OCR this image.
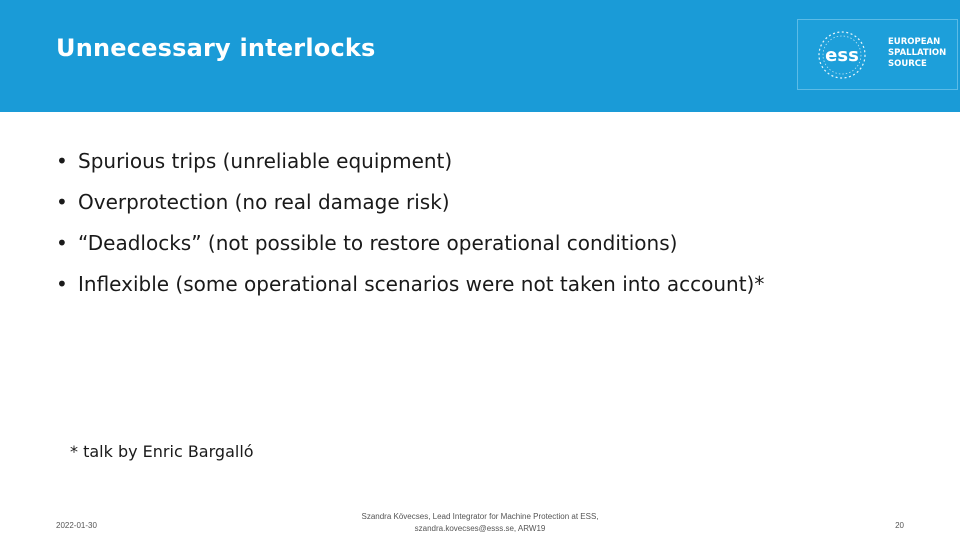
Unnecessary interlocks	ess
EUROPEAN
SPALLATION
SOURCE
• Spurious trips (unreliable equipment)
• Overprotection (no real damage risk)
• “Deadlocks” (not possible to restore operational conditions)
• Inflexible (some operational scenarios were not taken into account)*
* talk by Enric Bargalló
2022-01-30
Szandra Kövecses, Lead Integrator for Machine Protection at ESS,
szandra.kovecses@esss.se, ARW19	20
